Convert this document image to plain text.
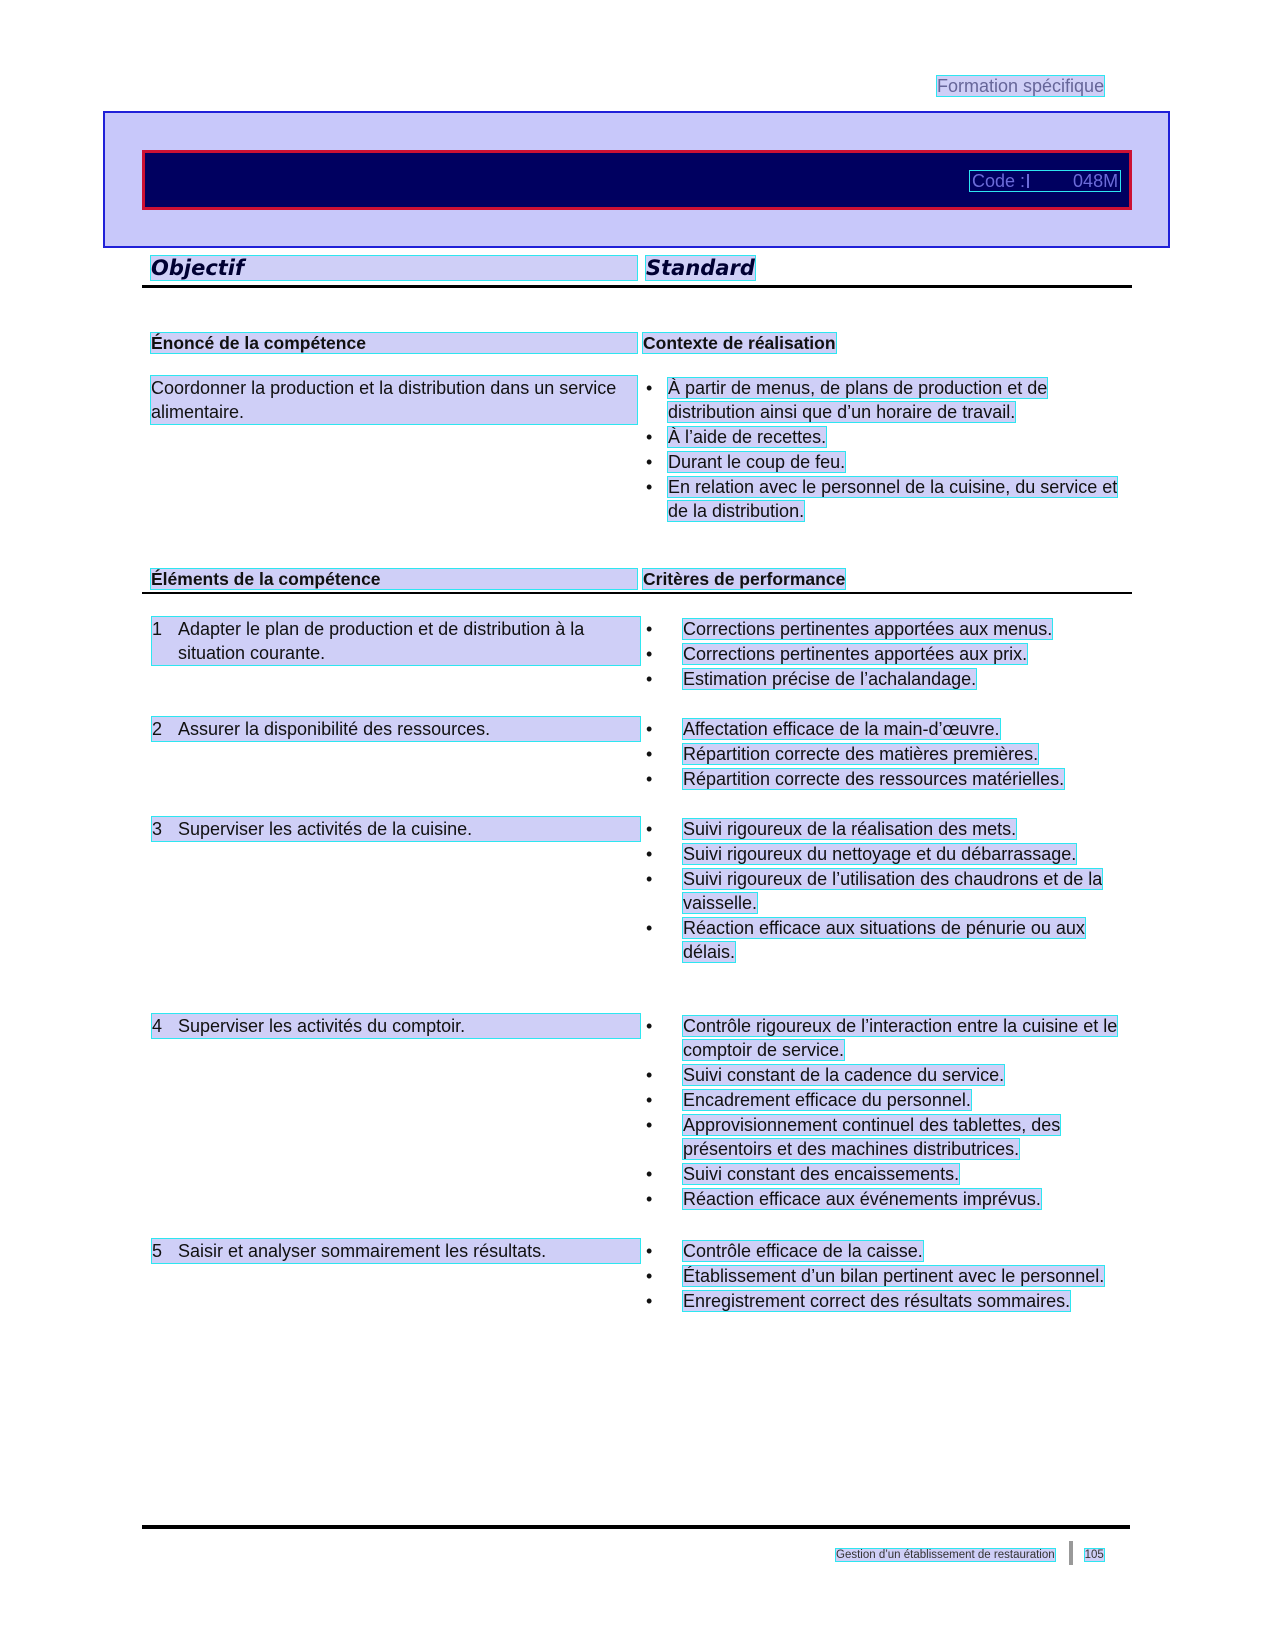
Formation spécifique
Code :	048M
Objectif	Standard
Énoncé de la compétence	Contexte de réalisation
Coordonner la production et la distribution dans un service alimentaire.
• À partir de menus, de plans de production et de distribution ainsi que d’un horaire de travail.
• À l’aide de recettes.
• Durant le coup de feu.
• En relation avec le personnel de la cuisine, du service et de la distribution.
Éléments de la compétence	Critères de performance
1 Adapter le plan de production et de distribution à la situation courante.
• Corrections pertinentes apportées aux menus.
• Corrections pertinentes apportées aux prix.
• Estimation précise de l’achalandage.
2 Assurer la disponibilité des ressources.	• Affectation efficace de la main-d’œuvre.
• Répartition correcte des matières premières.
• Répartition correcte des ressources matérielles.
3 Superviser les activités de la cuisine.	• Suivi rigoureux de la réalisation des mets.
• Suivi rigoureux du nettoyage et du débarrassage.
• Suivi rigoureux de l’utilisation des chaudrons et de la vaisselle.
• Réaction efficace aux situations de pénurie ou aux délais.
4 Superviser les activités du comptoir.	• Contrôle rigoureux de l’interaction entre la cuisine et le comptoir de service.
• Suivi constant de la cadence du service.
• Encadrement efficace du personnel.
• Approvisionnement continuel des tablettes, des présentoirs et des machines distributrices.
• Suivi constant des encaissements.
• Réaction efficace aux événements imprévus.
5 Saisir et analyser sommairement les résultats.	• Contrôle efficace de la caisse.
• Établissement d’un bilan pertinent avec le personnel.
• Enregistrement correct des résultats sommaires.
Gestion d’un établissement de restauration	105
